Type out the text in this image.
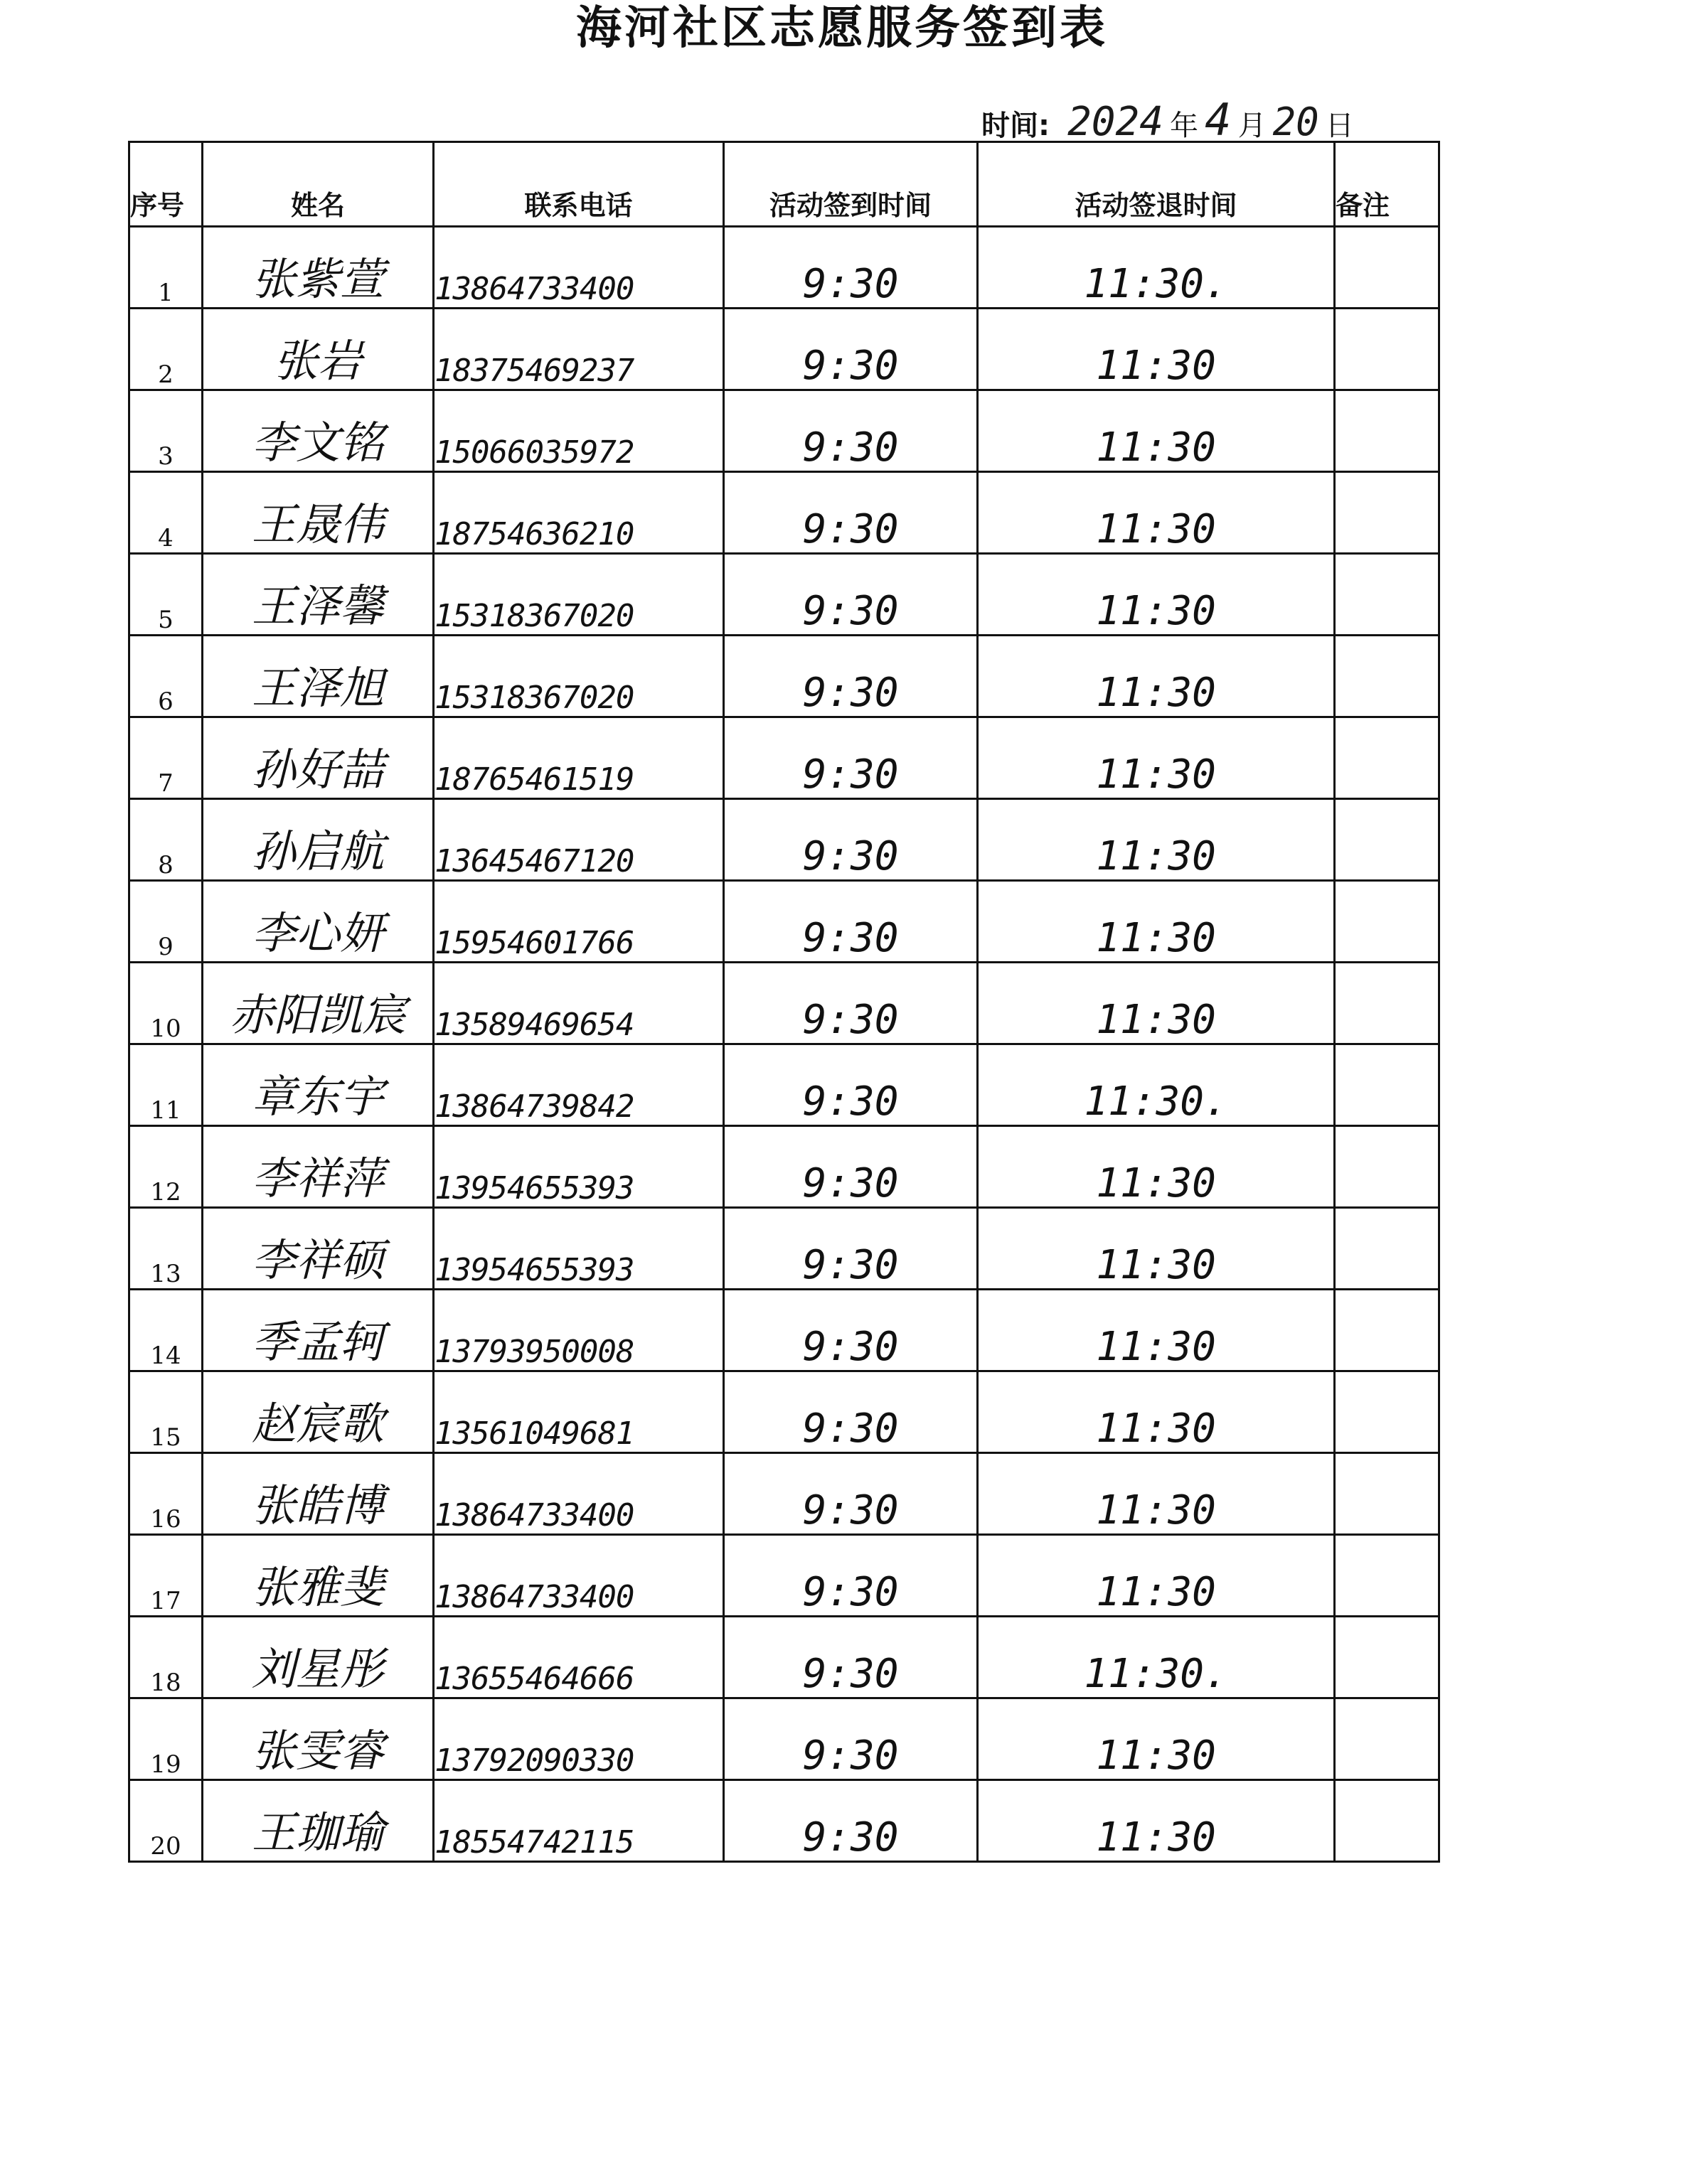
海河社区志愿服务签到表
时间: 2024 年 4 月 20 日
序号	姓名	联系电话	活动签到时间	活动签退时间	备注
1	张紫萱	13864733400	9:30	11:30.	
2	张岩	18375469237	9:30	11:30	
3	李文铭	15066035972	9:30	11:30	
4	王晟伟	18754636210	9:30	11:30	
5	王泽馨	15318367020	9:30	11:30	
6	王泽旭	15318367020	9:30	11:30	
7	孙好喆	18765461519	9:30	11:30	
8	孙启航	13645467120	9:30	11:30	
9	李心妍	15954601766	9:30	11:30	
10	赤阳凯宸	13589469654	9:30	11:30	
11	章东宇	13864739842	9:30	11:30.	
12	李祥萍	13954655393	9:30	11:30	
13	李祥硕	13954655393	9:30	11:30	
14	季孟轲	13793950008	9:30	11:30	
15	赵宸歌	13561049681	9:30	11:30	
16	张皓博	13864733400	9:30	11:30	
17	张雅斐	13864733400	9:30	11:30	
18	刘星彤	13655464666	9:30	11:30.	
19	张雯睿	13792090330	9:30	11:30	
20	王珈瑜	18554742115	9:30	11:30	
